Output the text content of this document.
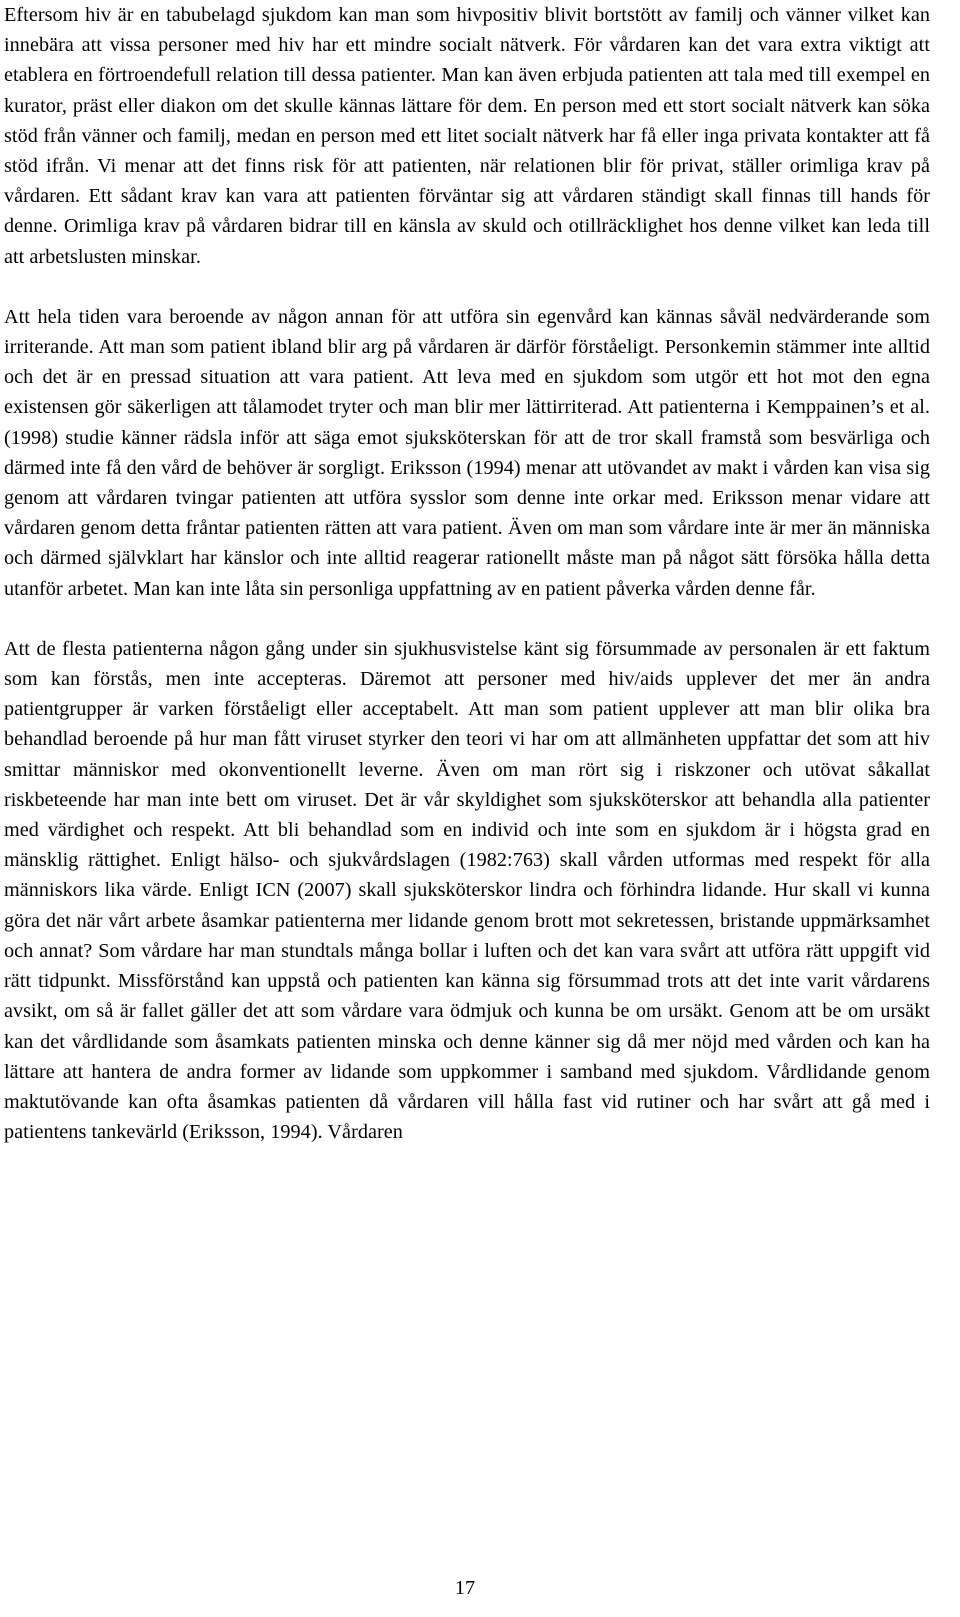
Eftersom hiv är en tabubelagd sjukdom kan man som hivpositiv blivit bortstött av familj och vänner vilket kan innebära att vissa personer med hiv har ett mindre socialt nätverk. För vårdaren kan det vara extra viktigt att etablera en förtroendefull relation till dessa patienter. Man kan även erbjuda patienten att tala med till exempel en kurator, präst eller diakon om det skulle kännas lättare för dem. En person med ett stort socialt nätverk kan söka stöd från vänner och familj, medan en person med ett litet socialt nätverk har få eller inga privata kontakter att få stöd ifrån. Vi menar att det finns risk för att patienten, när relationen blir för privat, ställer orimliga krav på vårdaren. Ett sådant krav kan vara att patienten förväntar sig att vårdaren ständigt skall finnas till hands för denne. Orimliga krav på vårdaren bidrar till en känsla av skuld och otillräcklighet hos denne vilket kan leda till att arbetslusten minskar.

Att hela tiden vara beroende av någon annan för att utföra sin egenvård kan kännas såväl nedvärderande som irriterande. Att man som patient ibland blir arg på vårdaren är därför förståeligt. Personkemin stämmer inte alltid och det är en pressad situation att vara patient. Att leva med en sjukdom som utgör ett hot mot den egna existensen gör säkerligen att tålamodet tryter och man blir mer lättirriterad. Att patienterna i Kemppainen’s et al. (1998) studie känner rädsla inför att säga emot sjuksköterskan för att de tror skall framstå som besvärliga och därmed inte få den vård de behöver är sorgligt. Eriksson (1994) menar att utövandet av makt i vården kan visa sig genom att vårdaren tvingar patienten att utföra sysslor som denne inte orkar med. Eriksson menar vidare att vårdaren genom detta fråntar patienten rätten att vara patient. Även om man som vårdare inte är mer än människa och därmed självklart har känslor och inte alltid reagerar rationellt måste man på något sätt försöka hålla detta utanför arbetet. Man kan inte låta sin personliga uppfattning av en patient påverka vården denne får.

Att de flesta patienterna någon gång under sin sjukhusvistelse känt sig försummade av personalen är ett faktum som kan förstås, men inte accepteras. Däremot att personer med hiv/aids upplever det mer än andra patientgrupper är varken förståeligt eller acceptabelt. Att man som patient upplever att man blir olika bra behandlad beroende på hur man fått viruset styrker den teori vi har om att allmänheten uppfattar det som att hiv smittar människor med okonventionellt leverne. Även om man rört sig i riskzoner och utövat såkallat riskbeteende har man inte bett om viruset. Det är vår skyldighet som sjuksköterskor att behandla alla patienter med värdighet och respekt. Att bli behandlad som en individ och inte som en sjukdom är i högsta grad en mänsklig rättighet. Enligt hälso- och sjukvårdslagen (1982:763) skall vården utformas med respekt för alla människors lika värde. Enligt ICN (2007) skall sjuksköterskor lindra och förhindra lidande. Hur skall vi kunna göra det när vårt arbete åsamkar patienterna mer lidande genom brott mot sekretessen, bristande uppmärksamhet och annat? Som vårdare har man stundtals många bollar i luften och det kan vara svårt att utföra rätt uppgift vid rätt tidpunkt. Missförstånd kan uppstå och patienten kan känna sig försummad trots att det inte varit vårdarens avsikt, om så är fallet gäller det att som vårdare vara ödmjuk och kunna be om ursäkt. Genom att be om ursäkt kan det vårdlidande som åsamkats patienten minska och denne känner sig då mer nöjd med vården och kan ha lättare att hantera de andra former av lidande som uppkommer i samband med sjukdom. Vårdlidande genom maktutövande kan ofta åsamkas patienten då vårdaren vill hålla fast vid rutiner och har svårt att gå med i patientens tankevärld (Eriksson, 1994). Vårdaren

17
